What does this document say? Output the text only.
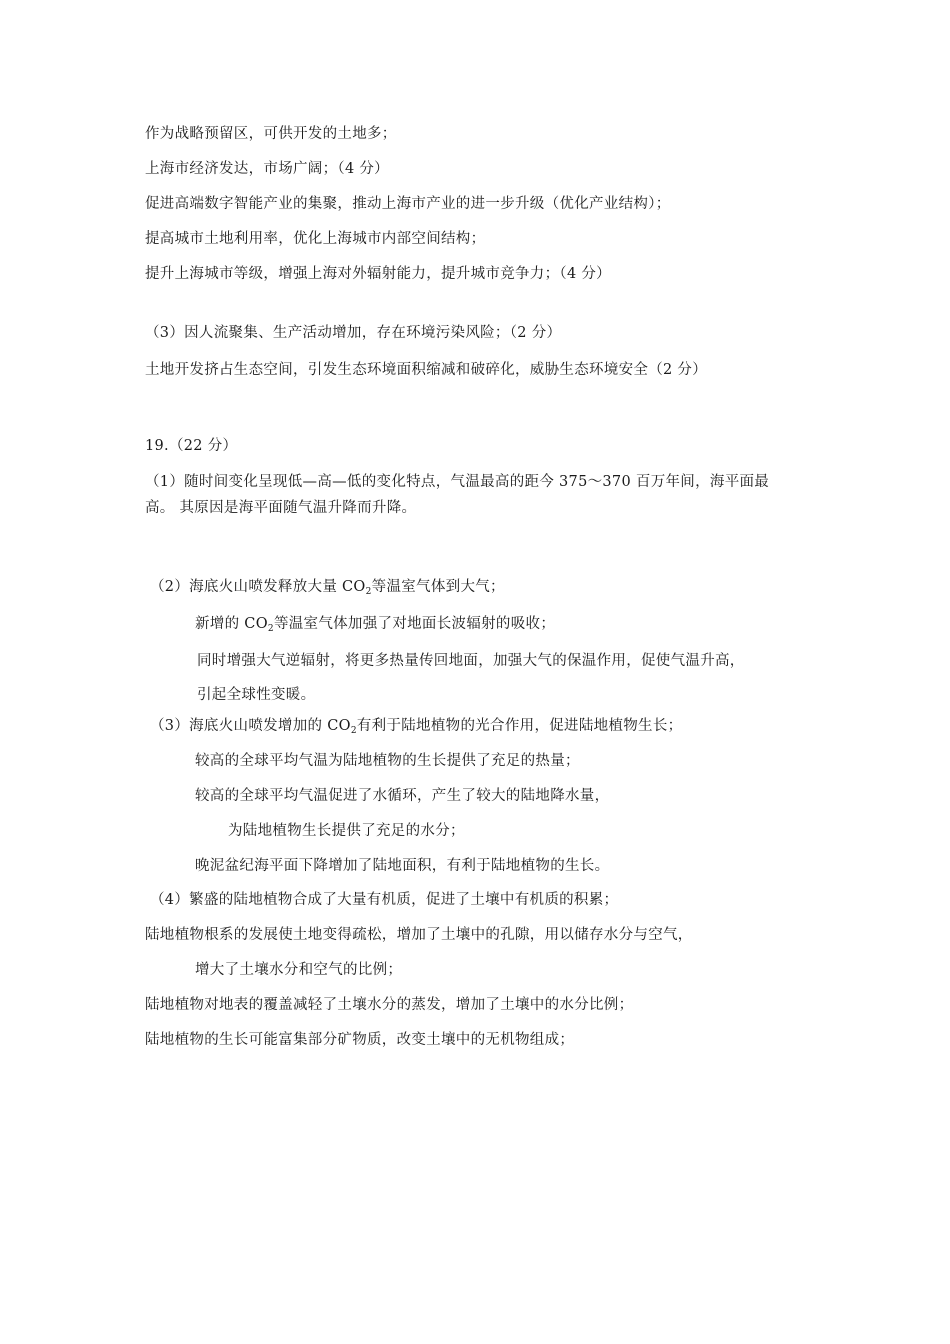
作为战略预留区，可供开发的土地多；
上海市经济发达，市场广阔；（4 分）
促进高端数字智能产业的集聚，推动上海市产业的进一步升级（优化产业结构）；
提高城市土地利用率，优化上海城市内部空间结构；
提升上海城市等级，增强上海对外辐射能力，提升城市竞争力；（4 分）
（3）因人流聚集、生产活动增加，存在环境污染风险；（2 分）
土地开发挤占生态空间，引发生态环境面积缩减和破碎化，威胁生态环境安全（2 分）
19.（22 分）
（1）随时间变化呈现低—高—低的变化特点，气温最高的距今 375～370 百万年间，海平面最
高。 其原因是海平面随气温升降而升降。
（2）海底火山喷发释放大量 $CO_2$等温室气体到大气；
新增的 $CO_2$等温室气体加强了对地面长波辐射的吸收；
同时增强大气逆辐射，将更多热量传回地面，加强大气的保温作用，促使气温升高，
引起全球性变暖。
（3）海底火山喷发增加的 $CO_2$有利于陆地植物的光合作用，促进陆地植物生长；
较高的全球平均气温为陆地植物的生长提供了充足的热量；
较高的全球平均气温促进了水循环，产生了较大的陆地降水量，
为陆地植物生长提供了充足的水分；
晚泥盆纪海平面下降增加了陆地面积，有利于陆地植物的生长。
（4）繁盛的陆地植物合成了大量有机质，促进了土壤中有机质的积累；
陆地植物根系的发展使土地变得疏松，增加了土壤中的孔隙，用以储存水分与空气，
增大了土壤水分和空气的比例；
陆地植物对地表的覆盖减轻了土壤水分的蒸发，增加了土壤中的水分比例；
陆地植物的生长可能富集部分矿物质，改变土壤中的无机物组成；
